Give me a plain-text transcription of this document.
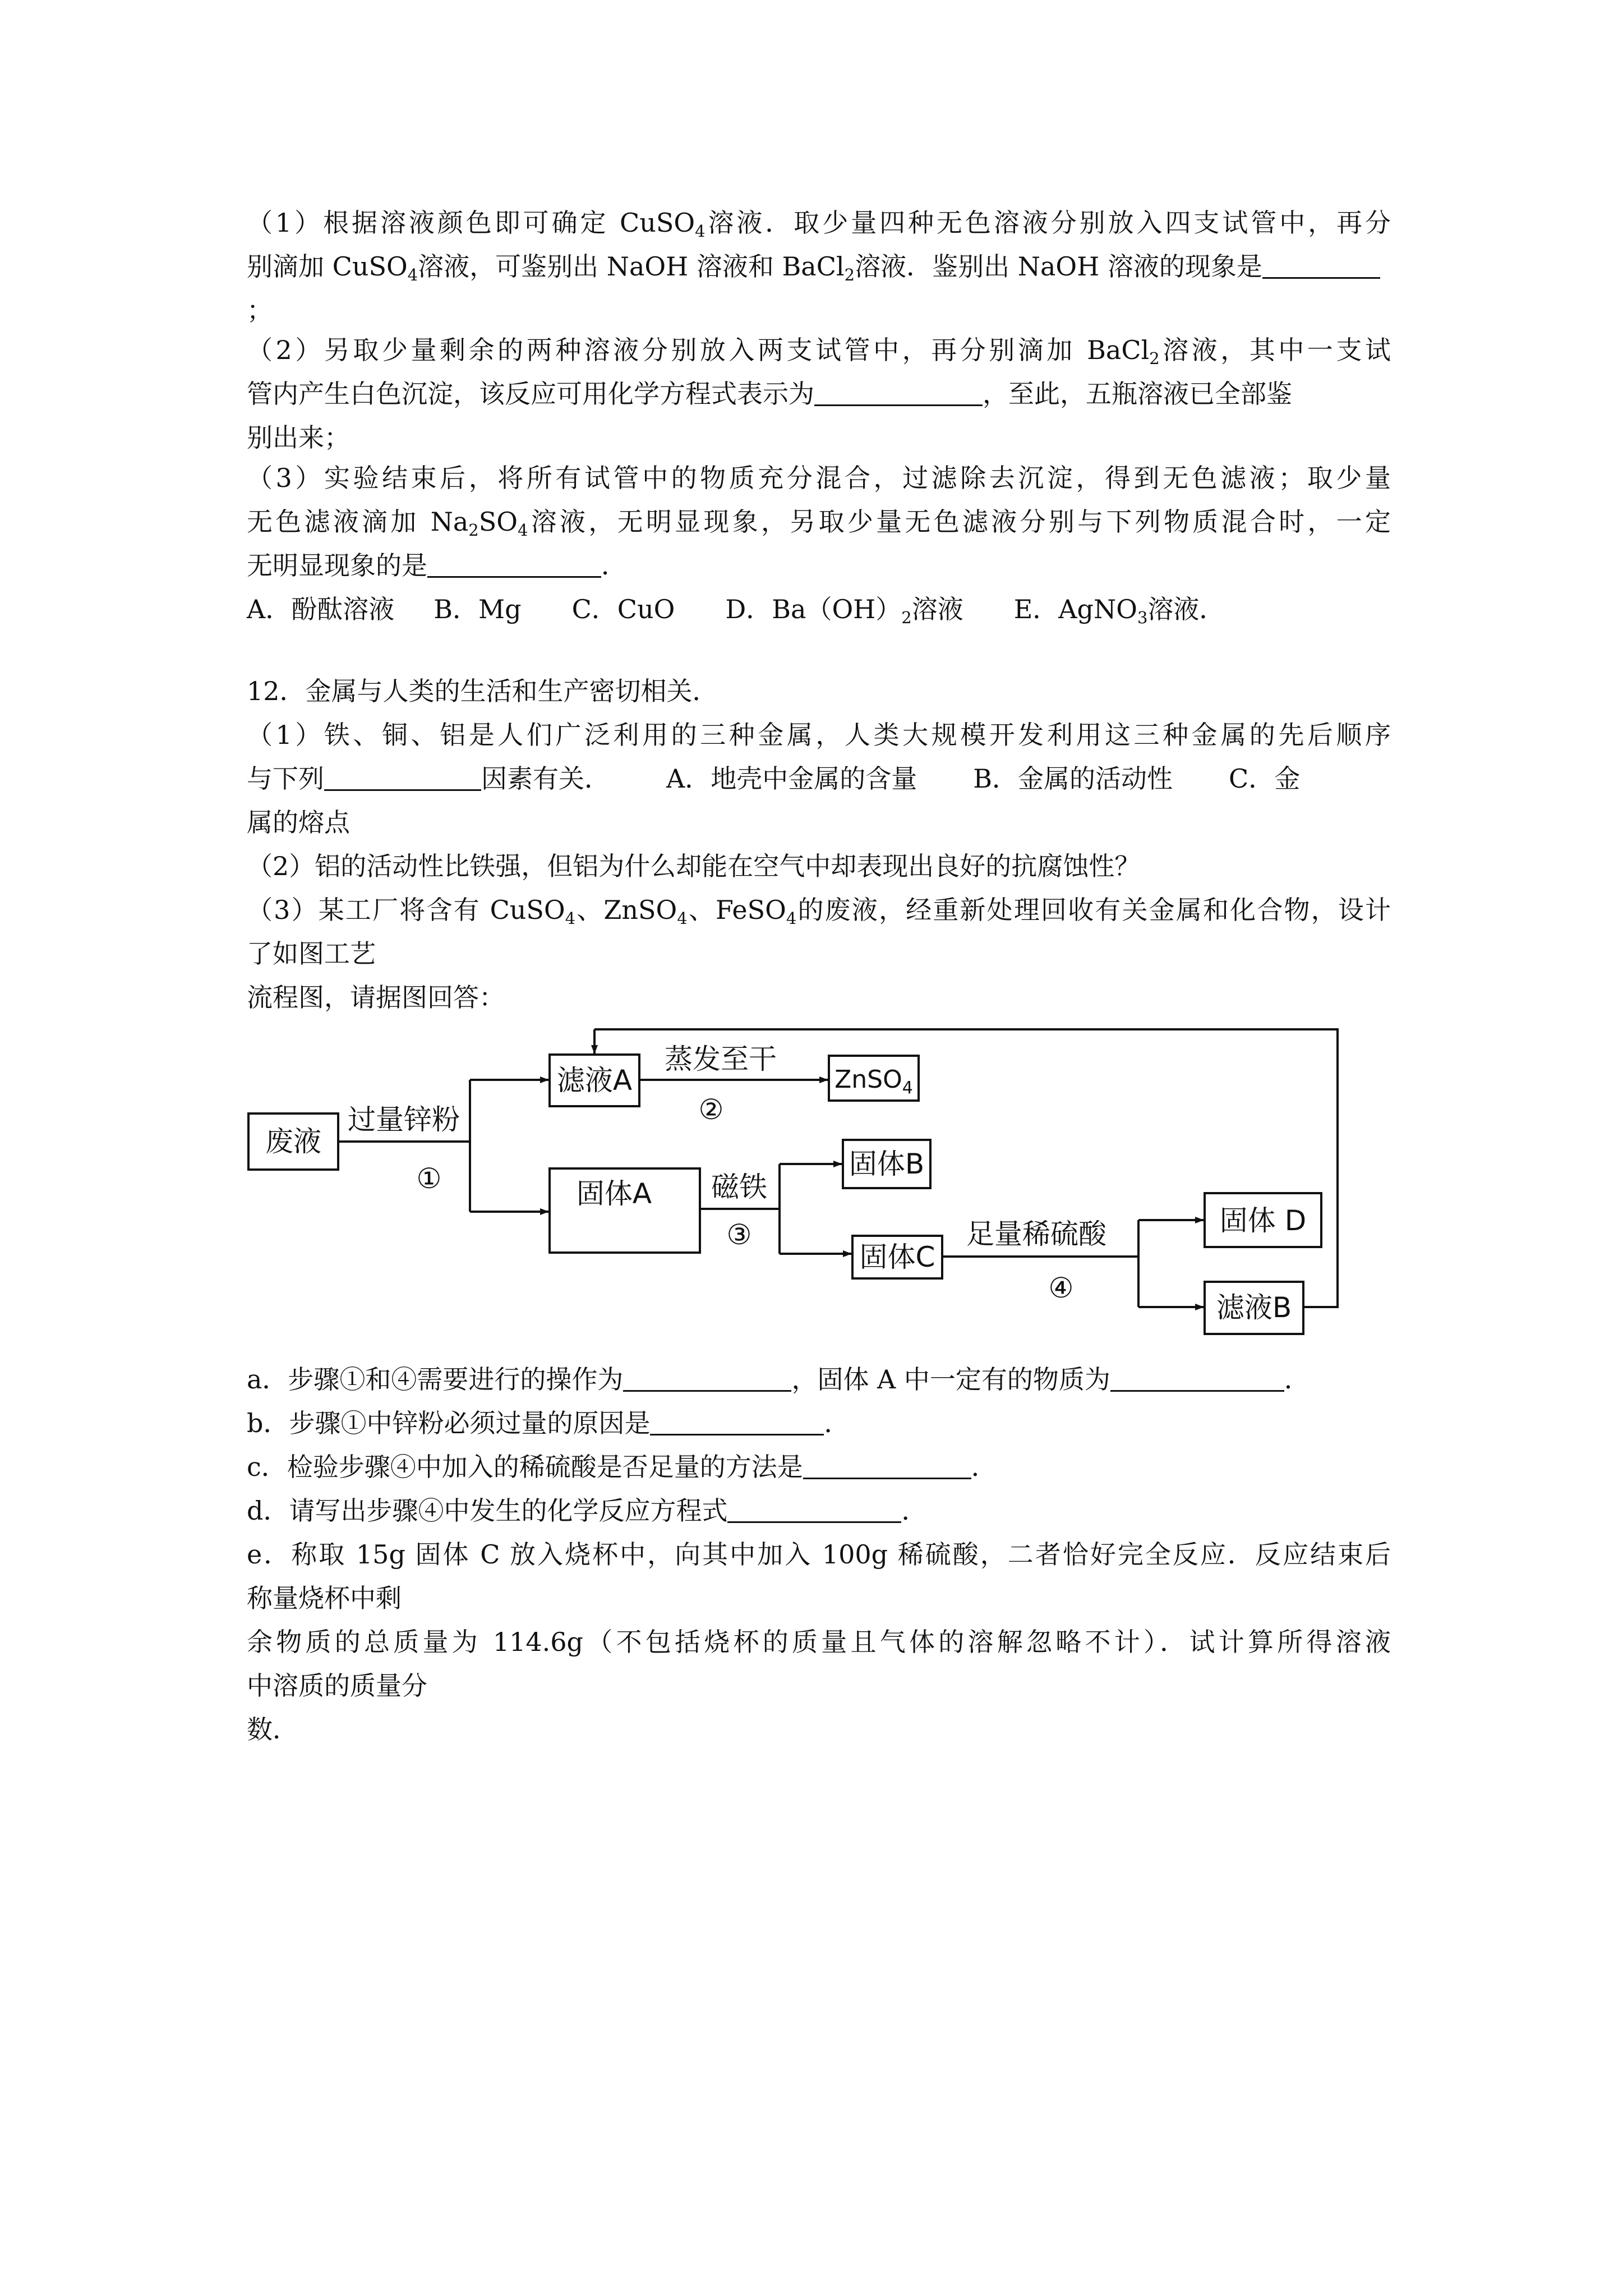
（1）根据溶液颜色即可确定 CuSO$_4$溶液．取少量四种无色溶液分别放入四支试管中，再分
别滴加 CuSO$_4$溶液，可鉴别出 NaOH 溶液和 BaCl$_2$溶液．鉴别出 NaOH 溶液的现象是
；
（2）另取少量剩余的两种溶液分别放入两支试管中，再分别滴加 BaCl$_2$溶液，其中一支试
管内产生白色沉淀，该反应可用化学方程式表示为	，至此，五瓶溶液已全部鉴
别出来；
（3）实验结束后，将所有试管中的物质充分混合，过滤除去沉淀，得到无色滤液；取少量
无色滤液滴加 $Na_2SO_4$溶液，无明显现象，另取少量无色滤液分别与下列物质混合时，一定
无明显现象的是	．
A．酚酞溶液 B．Mg C．CuO D．$Ba(OH)_2$溶液 E．AgNO$_3$溶液．
12．金属与人类的生活和生产密切相关．
（1）铁、铜、铝是人们广泛利用的三种金属，人类大规模开发利用这三种金属的先后顺序
与下列	因素有关． A．地壳中金属的含量 B．金属的活动性 C．金
属的熔点
（2）铝的活动性比铁强，但铝为什么却能在空气中却表现出良好的抗腐蚀性？
（3）某工厂将含有 CuSO$_4$、ZnSO$_4$、FeSO$_4$的废液，经重新处理回收有关金属和化合物，设计
了如图工艺
流程图，请据图回答：
废液
过量锌粉
①
滤液A
蒸发至干
②
ZnSO$_4$
固体A 磁铁
③
固体B
固体C
足量稀硫酸
④
固体 D
滤液B
a．步骤①和④需要进行的操作为	，固体 A 中一定有的物质为	．
b．步骤①中锌粉必须过量的原因是	．
c．检验步骤④中加入的稀硫酸是否足量的方法是	．
d．请写出步骤④中发生的化学反应方程式	．
e．称取 15g 固体 C 放入烧杯中，向其中加入 100g 稀硫酸，二者恰好完全反应．反应结束后
称量烧杯中剩
余物质的总质量为 114.6g（不包括烧杯的质量且气体的溶解忽略不计）．试计算所得溶液
中溶质的质量分
数．
